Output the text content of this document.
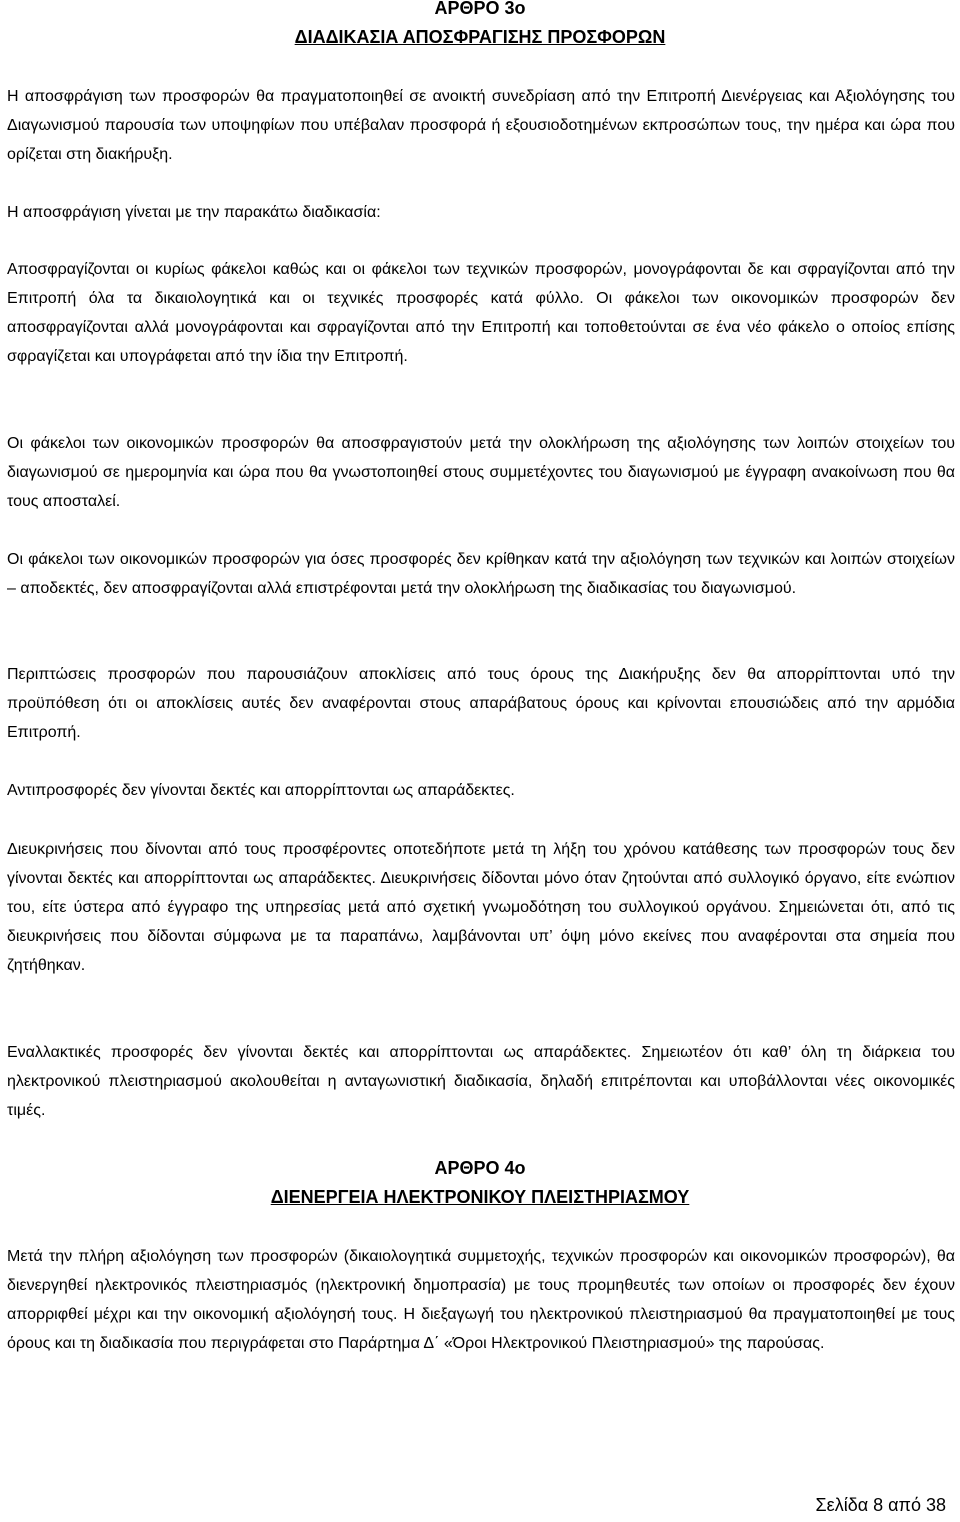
ΑΡΘΡΟ 3ο
ΔΙΑΔΙΚΑΣΙΑ ΑΠΟΣΦΡΑΓΙΣΗΣ ΠΡΟΣΦΟΡΩΝ
Η αποσφράγιση των προσφορών θα πραγματοποιηθεί σε ανοικτή συνεδρίαση από την Επιτροπή Διενέργειας και Αξιολόγησης του Διαγωνισμού παρουσία των υποψηφίων που υπέβαλαν προσφορά ή εξουσιοδοτημένων εκπροσώπων τους, την ημέρα και ώρα που ορίζεται στη διακήρυξη.
Η αποσφράγιση γίνεται με την παρακάτω διαδικασία:
Αποσφραγίζονται οι κυρίως φάκελοι καθώς και οι φάκελοι των τεχνικών προσφορών, μονογράφονται δε και σφραγίζονται από την Επιτροπή όλα τα δικαιολογητικά και οι τεχνικές προσφορές κατά φύλλο. Οι φάκελοι των οικονομικών προσφορών δεν αποσφραγίζονται αλλά μονογράφονται και σφραγίζονται από την Επιτροπή και τοποθετούνται σε ένα νέο φάκελο ο οποίος επίσης σφραγίζεται και υπογράφεται από την ίδια την Επιτροπή.
Οι φάκελοι των οικονομικών προσφορών θα αποσφραγιστούν μετά την ολοκλήρωση της αξιολόγησης των λοιπών στοιχείων του διαγωνισμού σε ημερομηνία και ώρα που θα γνωστοποιηθεί στους συμμετέχοντες του διαγωνισμού με έγγραφη ανακοίνωση που θα τους αποσταλεί.
Οι φάκελοι των οικονομικών προσφορών για όσες προσφορές δεν κρίθηκαν κατά την αξιολόγηση των τεχνικών και λοιπών στοιχείων – αποδεκτές, δεν αποσφραγίζονται αλλά επιστρέφονται μετά την ολοκλήρωση της διαδικασίας του διαγωνισμού.
Περιπτώσεις προσφορών που παρουσιάζουν αποκλίσεις από τους όρους της Διακήρυξης δεν θα απορρίπτονται υπό την προϋπόθεση ότι οι αποκλίσεις αυτές δεν αναφέρονται στους απαράβατους όρους και κρίνονται επουσιώδεις από την αρμόδια Επιτροπή.
Αντιπροσφορές δεν γίνονται δεκτές και απορρίπτονται ως απαράδεκτες.
Διευκρινήσεις που δίνονται από τους προσφέροντες οποτεδήποτε μετά τη λήξη του χρόνου κατάθεσης των προσφορών τους δεν γίνονται δεκτές και απορρίπτονται ως απαράδεκτες. Διευκρινήσεις δίδονται μόνο όταν ζητούνται από συλλογικό όργανο, είτε ενώπιον του, είτε ύστερα από έγγραφο της υπηρεσίας μετά από σχετική γνωμοδότηση του συλλογικού οργάνου. Σημειώνεται ότι, από τις διευκρινήσεις που δίδονται σύμφωνα με τα παραπάνω, λαμβάνονται υπ’ όψη μόνο εκείνες που αναφέρονται στα σημεία που ζητήθηκαν.
Εναλλακτικές προσφορές δεν γίνονται δεκτές και απορρίπτονται ως απαράδεκτες. Σημειωτέον ότι καθ’ όλη τη διάρκεια του ηλεκτρονικού πλειστηριασμού ακολουθείται η ανταγωνιστική διαδικασία, δηλαδή επιτρέπονται και υποβάλλονται νέες οικονομικές τιμές.
ΑΡΘΡΟ 4ο
ΔΙΕΝΕΡΓΕΙΑ ΗΛΕΚΤΡΟΝΙΚΟΥ ΠΛΕΙΣΤΗΡΙΑΣΜΟΥ
Μετά την πλήρη αξιολόγηση των προσφορών (δικαιολογητικά συμμετοχής, τεχνικών προσφορών και οικονομικών προσφορών), θα διενεργηθεί ηλεκτρονικός πλειστηριασμός (ηλεκτρονική δημοπρασία) με τους προμηθευτές των οποίων οι προσφορές δεν έχουν απορριφθεί μέχρι και την οικονομική αξιολόγησή τους. Η διεξαγωγή του ηλεκτρονικού πλειστηριασμού θα πραγματοποιηθεί με τους όρους και τη διαδικασία που περιγράφεται στο Παράρτημα Δ΄ «Όροι Ηλεκτρονικού Πλειστηριασμού» της παρούσας.
Σελίδα 8 από 38
